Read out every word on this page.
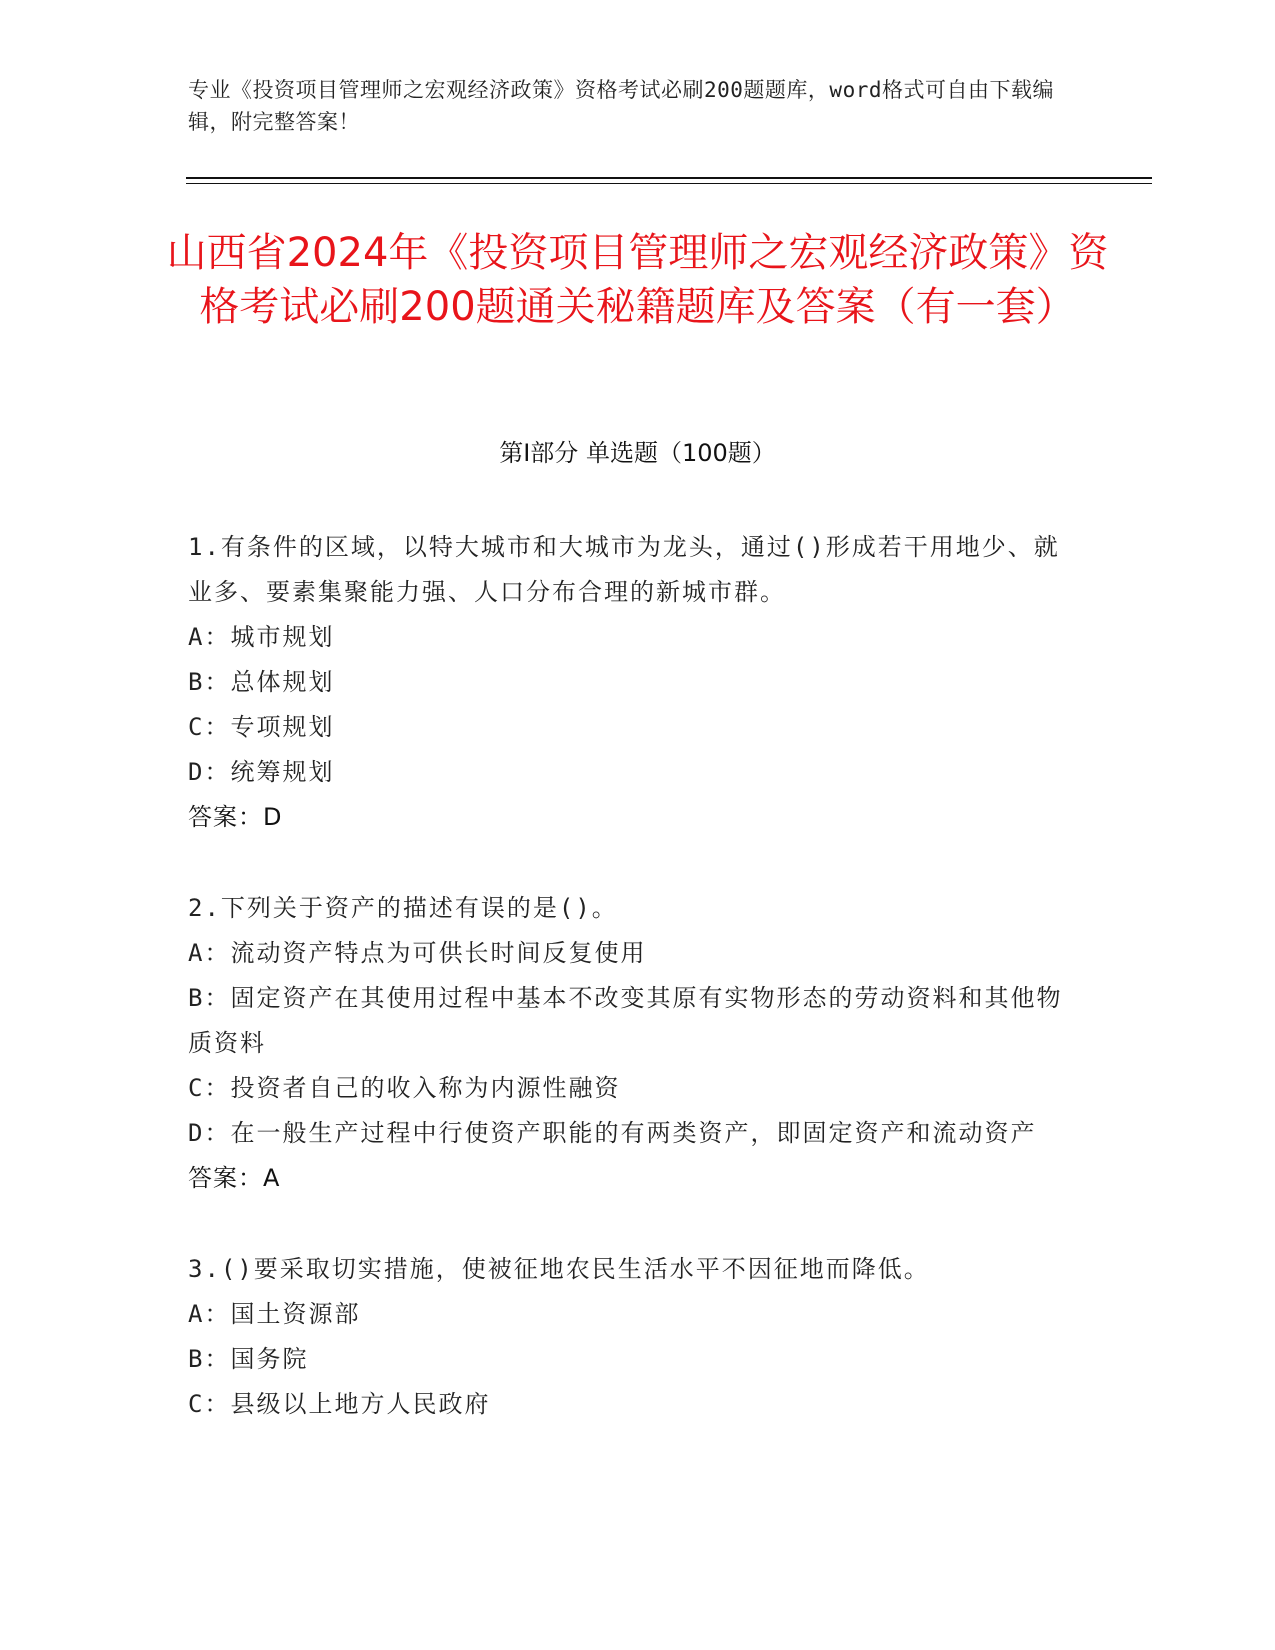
专业《投资项目管理师之宏观经济政策》资格考试必刷200题题库，word格式可自由下载编辑，附完整答案！
山西省2024年《投资项目管理师之宏观经济政策》资格考试必刷200题通关秘籍题库及答案（有一套）
第Ⅰ部分 单选题（100题）

1.有条件的区域，以特大城市和大城市为龙头，通过()形成若干用地少、就业多、要素集聚能力强、人口分布合理的新城市群。

A：城市规划

B：总体规划

C：专项规划

D：统筹规划

答案：D

2.下列关于资产的描述有误的是()。

A：流动资产特点为可供长时间反复使用

B：固定资产在其使用过程中基本不改变其原有实物形态的劳动资料和其他物质资料

C：投资者自己的收入称为内源性融资

D：在一般生产过程中行使资产职能的有两类资产，即固定资产和流动资产

答案：A

3.()要采取切实措施，使被征地农民生活水平不因征地而降低。

A：国土资源部

B：国务院

C：县级以上地方人民政府
